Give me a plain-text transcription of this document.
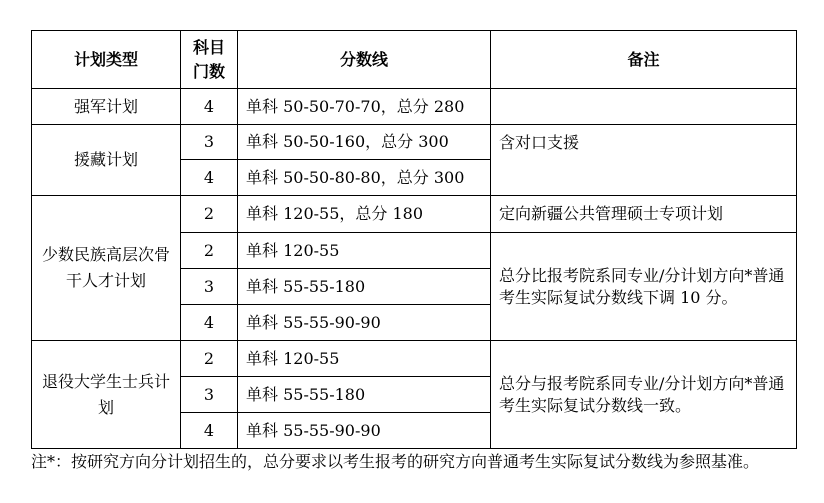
计划类型	科目门数	分数线	备注
强军计划	4	单科 50-50-70-70，总分 280	
援藏计划	3	单科 50-50-160，总分 300	含对口支援
	4	单科 50-50-80-80，总分 300	
少数民族高层次骨干人才计划	2	单科 120-55，总分 180	定向新疆公共管理硕士专项计划
	2	单科 120-55	总分比报考院系同专业/分计划方向*普通考生实际复试分数线下调 10 分。
	3	单科 55-55-180	
	4	单科 55-55-90-90	
退役大学生士兵计划	2	单科 120-55	总分与报考院系同专业/分计划方向*普通考生实际复试分数线一致。
	3	单科 55-55-180	
	4	单科 55-55-90-90	
注*：按研究方向分计划招生的，总分要求以考生报考的研究方向普通考生实际复试分数线为参照基准。
